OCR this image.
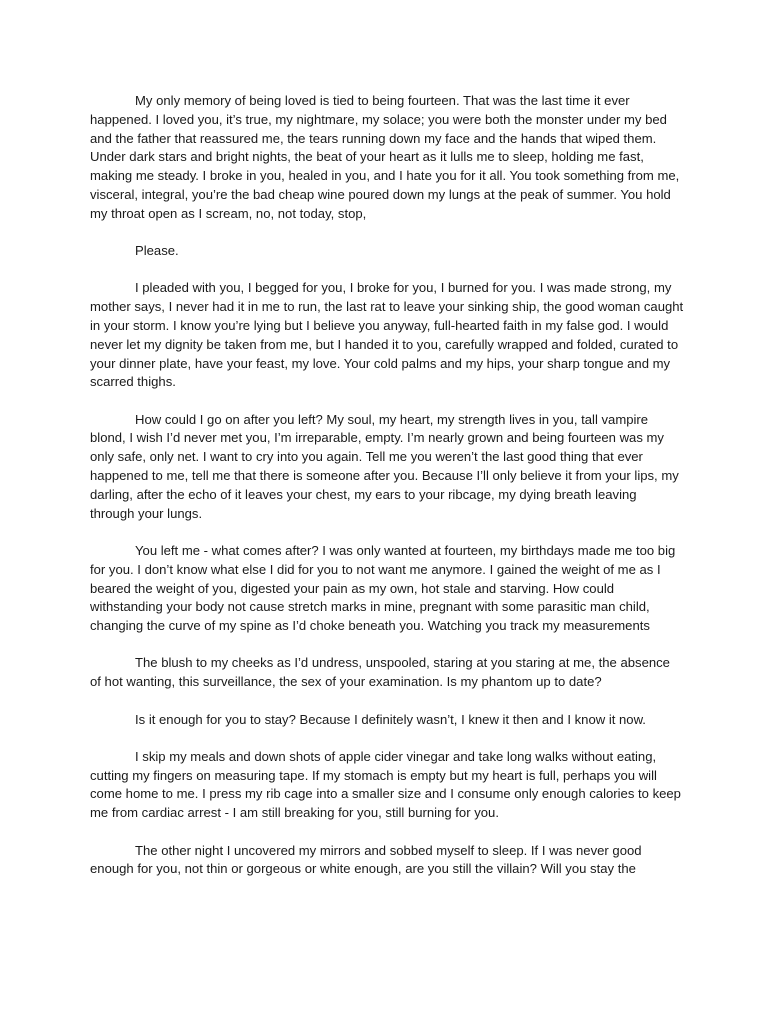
My only memory of being loved is tied to being fourteen. That was the last time it ever happened. I loved you, it’s true, my nightmare, my solace; you were both the monster under my bed and the father that reassured me, the tears running down my face and the hands that wiped them. Under dark stars and bright nights, the beat of your heart as it lulls me to sleep, holding me fast, making me steady. I broke in you, healed in you, and I hate you for it all. You took something from me, visceral, integral, you’re the bad cheap wine poured down my lungs at the peak of summer. You hold my throat open as I scream, no, not today, stop,

Please.

I pleaded with you, I begged for you, I broke for you, I burned for you. I was made strong, my mother says, I never had it in me to run, the last rat to leave your sinking ship, the good woman caught in your storm. I know you’re lying but I believe you anyway, full-hearted faith in my false god. I would never let my dignity be taken from me, but I handed it to you, carefully wrapped and folded, curated to your dinner plate, have your feast, my love. Your cold palms and my hips, your sharp tongue and my scarred thighs.

How could I go on after you left? My soul, my heart, my strength lives in you, tall vampire blond, I wish I’d never met you, I’m irreparable, empty. I’m nearly grown and being fourteen was my only safe, only net. I want to cry into you again. Tell me you weren’t the last good thing that ever happened to me, tell me that there is someone after you. Because I’ll only believe it from your lips, my darling, after the echo of it leaves your chest, my ears to your ribcage, my dying breath leaving through your lungs.

You left me - what comes after? I was only wanted at fourteen, my birthdays made me too big for you. I don’t know what else I did for you to not want me anymore. I gained the weight of me as I beared the weight of you, digested your pain as my own, hot stale and starving. How could withstanding your body not cause stretch marks in mine, pregnant with some parasitic man child, changing the curve of my spine as I’d choke beneath you. Watching you track my measurements

The blush to my cheeks as I’d undress, unspooled, staring at you staring at me, the absence of hot wanting, this surveillance, the sex of your examination. Is my phantom up to date?

Is it enough for you to stay? Because I definitely wasn’t, I knew it then and I know it now.

I skip my meals and down shots of apple cider vinegar and take long walks without eating, cutting my fingers on measuring tape. If my stomach is empty but my heart is full, perhaps you will come home to me. I press my rib cage into a smaller size and I consume only enough calories to keep me from cardiac arrest - I am still breaking for you, still burning for you.

The other night I uncovered my mirrors and sobbed myself to sleep. If I was never good enough for you, not thin or gorgeous or white enough, are you still the villain? Will you stay the
